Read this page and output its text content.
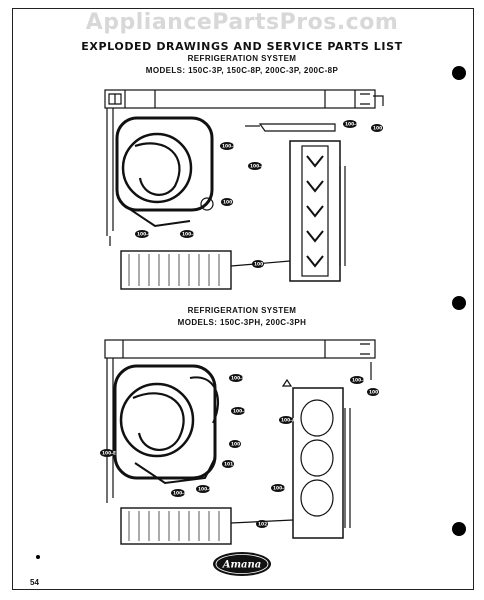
AppliancePartsPros.com
EXPLODED DRAWINGS AND SERVICE PARTS LIST
REFRIGERATION SYSTEM
MODELS: 150C-3P, 150C-8P, 200C-3P, 200C-8P
100-B
100-A
100
100-C	100-E
100-D
100
100
REFRIGERATION SYSTEM
MODELS: 150C-3PH, 200C-3PH
100-K
100-F
100
101
100-G
100-H
100-E
100-A
100-D
100
100-L
102
Amana
54
